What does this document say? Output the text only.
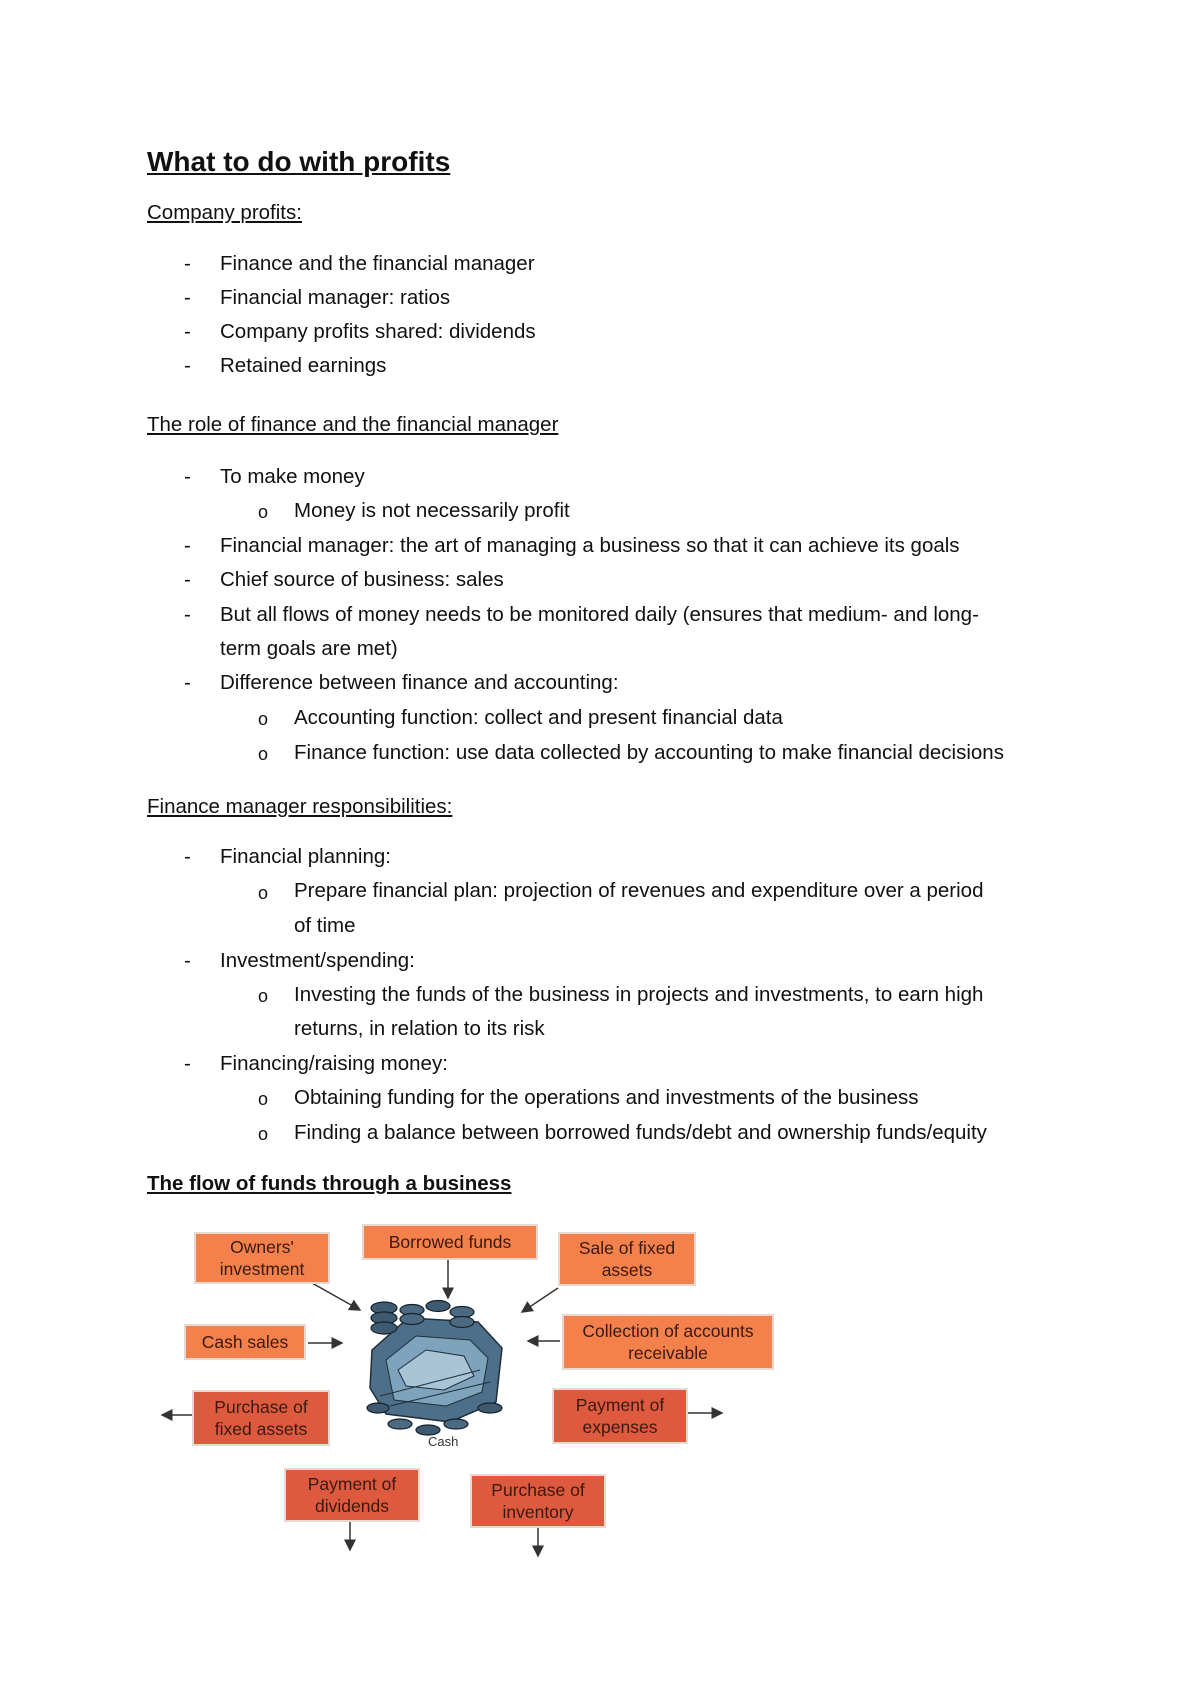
What to do with profits
Company profits:
- Finance and the financial manager
- Financial manager: ratios
- Company profits shared: dividends
- Retained earnings
The role of finance and the financial manager
- To make money
o Money is not necessarily profit
- Financial manager: the art of managing a business so that it can achieve its goals
- Chief source of business: sales
- But all flows of money needs to be monitored daily (ensures that medium- and long-
term goals are met)
- Difference between finance and accounting:
o Accounting function: collect and present financial data
o Finance function: use data collected by accounting to make financial decisions
Finance manager responsibilities:
- Financial planning:
o Prepare financial plan: projection of revenues and expenditure over a period
of time
- Investment/spending:
o Investing the funds of the business in projects and investments, to earn high
returns, in relation to its risk
- Financing/raising money:
o Obtaining funding for the operations and investments of the business
o Finding a balance between borrowed funds/debt and ownership funds/equity
The flow of funds through a business
Cash
Owners' investment
Borrowed funds	Sale of fixed assets
Cash sales
Collection of accounts receivable
Purchase of fixed assets
Payment of expenses
Payment of dividends
Purchase of inventory
